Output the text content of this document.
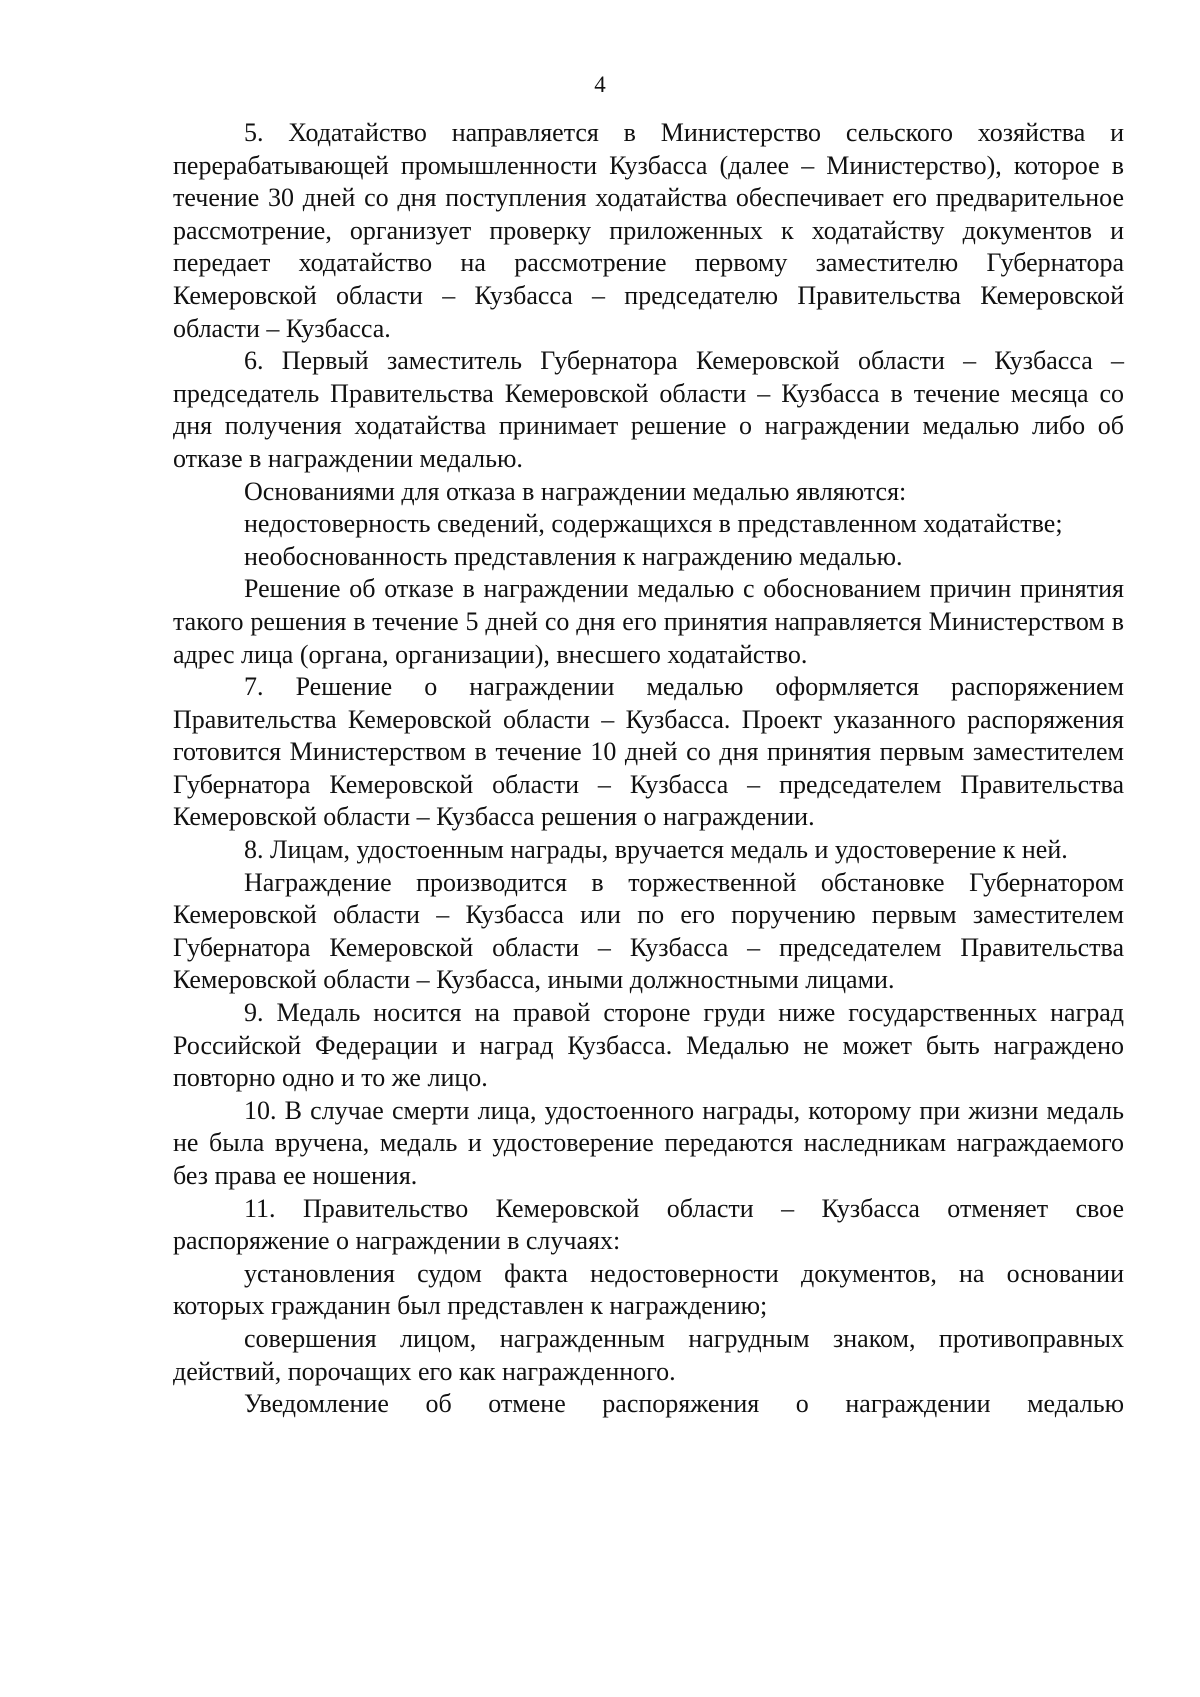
4

5. Ходатайство направляется в Министерство сельского хозяйства и перерабатывающей промышленности Кузбасса (далее – Министерство), которое в течение 30 дней со дня поступления ходатайства обеспечивает его предварительное рассмотрение, организует проверку приложенных к ходатайству документов и передает ходатайство на рассмотрение первому заместителю Губернатора Кемеровской области – Кузбасса – председателю Правительства Кемеровской области – Кузбасса.

6. Первый заместитель Губернатора Кемеровской области – Кузбасса – председатель Правительства Кемеровской области – Кузбасса в течение месяца со дня получения ходатайства принимает решение о награждении медалью либо об отказе в награждении медалью.

Основаниями для отказа в награждении медалью являются:

недостоверность сведений, содержащихся в представленном ходатайстве;

необоснованность представления к награждению медалью.

Решение об отказе в награждении медалью с обоснованием причин принятия такого решения в течение 5 дней со дня его принятия направляется Министерством в адрес лица (органа, организации), внесшего ходатайство.

7. Решение о награждении медалью оформляется распоряжением Правительства Кемеровской области – Кузбасса. Проект указанного распоряжения готовится Министерством в течение 10 дней со дня принятия первым заместителем Губернатора Кемеровской области – Кузбасса – председателем Правительства Кемеровской области – Кузбасса решения о награждении.

8. Лицам, удостоенным награды, вручается медаль и удостоверение к ней.

Награждение производится в торжественной обстановке Губернатором Кемеровской области – Кузбасса или по его поручению первым заместителем Губернатора Кемеровской области – Кузбасса – председателем Правительства Кемеровской области – Кузбасса, иными должностными лицами.

9. Медаль носится на правой стороне груди ниже государственных наград Российской Федерации и наград Кузбасса. Медалью не может быть награждено повторно одно и то же лицо.

10. В случае смерти лица, удостоенного награды, которому при жизни медаль не была вручена, медаль и удостоверение передаются наследникам награждаемого без права ее ношения.

11. Правительство Кемеровской области – Кузбасса отменяет свое распоряжение о награждении в случаях:

установления судом факта недостоверности документов, на основании которых гражданин был представлен к награждению;

совершения лицом, награжденным нагрудным знаком, противоправных действий, порочащих его как награжденного.

Уведомление об отмене распоряжения о награждении медалью
